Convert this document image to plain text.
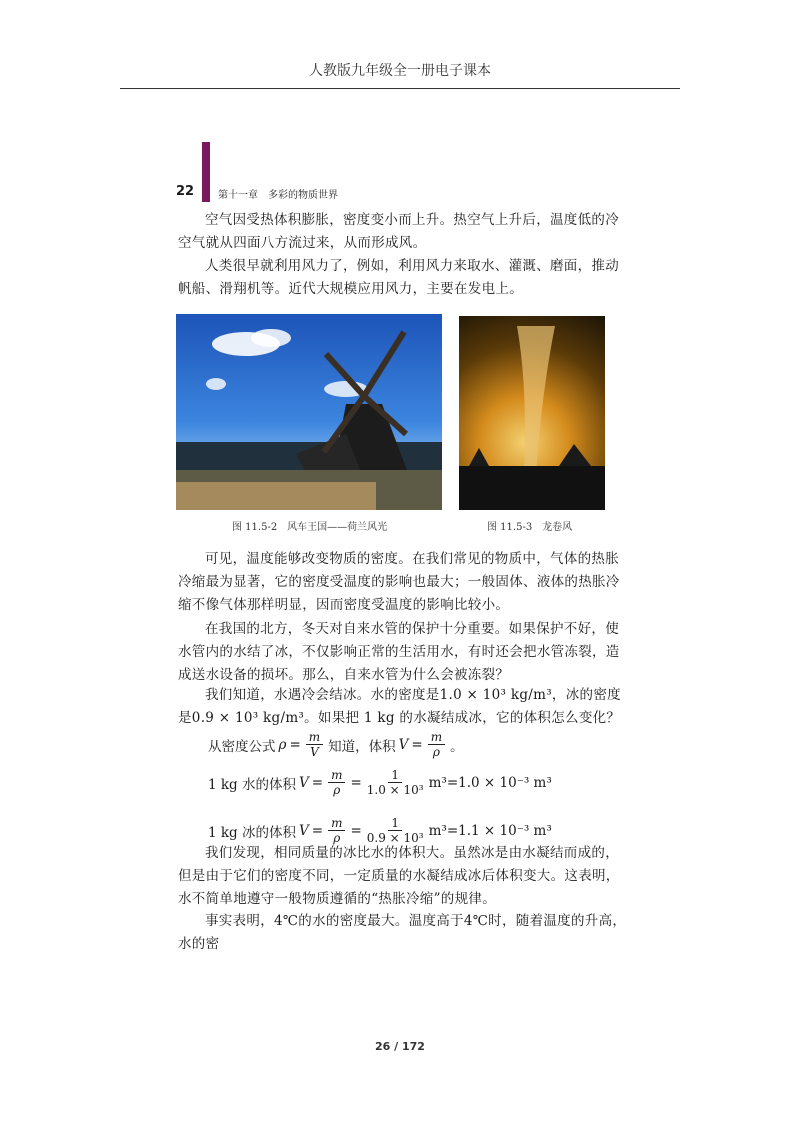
人教版九年级全一册电子课本
22 第十一章　多彩的物质世界
空气因受热体积膨胀，密度变小而上升。热空气上升后，温度低的冷空气就从四面八方流过来，从而形成风。
人类很早就利用风力了，例如，利用风力来取水、灌溉、磨面，推动帆船、滑翔机等。近代大规模应用风力，主要在发电上。
图 11.5-2　风车王国——荷兰风光	图 11.5-3　龙卷风
可见，温度能够改变物质的密度。在我们常见的物质中，气体的热胀冷缩最为显著，它的密度受温度的影响也最大；一般固体、液体的热胀冷缩不像气体那样明显，因而密度受温度的影响比较小。
在我国的北方，冬天对自来水管的保护十分重要。如果保护不好，使水管内的水结了冰，不仅影响正常的生活用水，有时还会把水管冻裂，造成送水设备的损坏。那么，自来水管为什么会被冻裂？
我们知道，水遇冷会结冰。水的密度是1.0 × 10³ kg/m³，冰的密度是0.9 × 10³ kg/m³。如果把 1 kg 的水凝结成冰，它的体积怎么变化？
从密度公式 $\rho = \frac{m}{V}$ 知道，体积 $V = \frac{m}{\rho}$ 。
1 kg 水的体积 $V = \frac{m}{\rho} = \frac{1}{\text{1.0 × 10³}} m^3=1.0 \times 10^{-3}$ m³
1 kg 冰的体积 $V = \frac{m}{\rho} = \frac{1}{\text{0.9 × 10³}} m^3=1.1 \times 10^{-3}$ m³
我们发现，相同质量的冰比水的体积大。虽然冰是由水凝结而成的，但是由于它们的密度不同，一定质量的水凝结成冰后体积变大。这表明，水不简单地遵守一般物质遵循的“热胀冷缩”的规律。
事实表明，4℃的水的密度最大。温度高于4℃时，随着温度的升高，水的密
26 / 172
